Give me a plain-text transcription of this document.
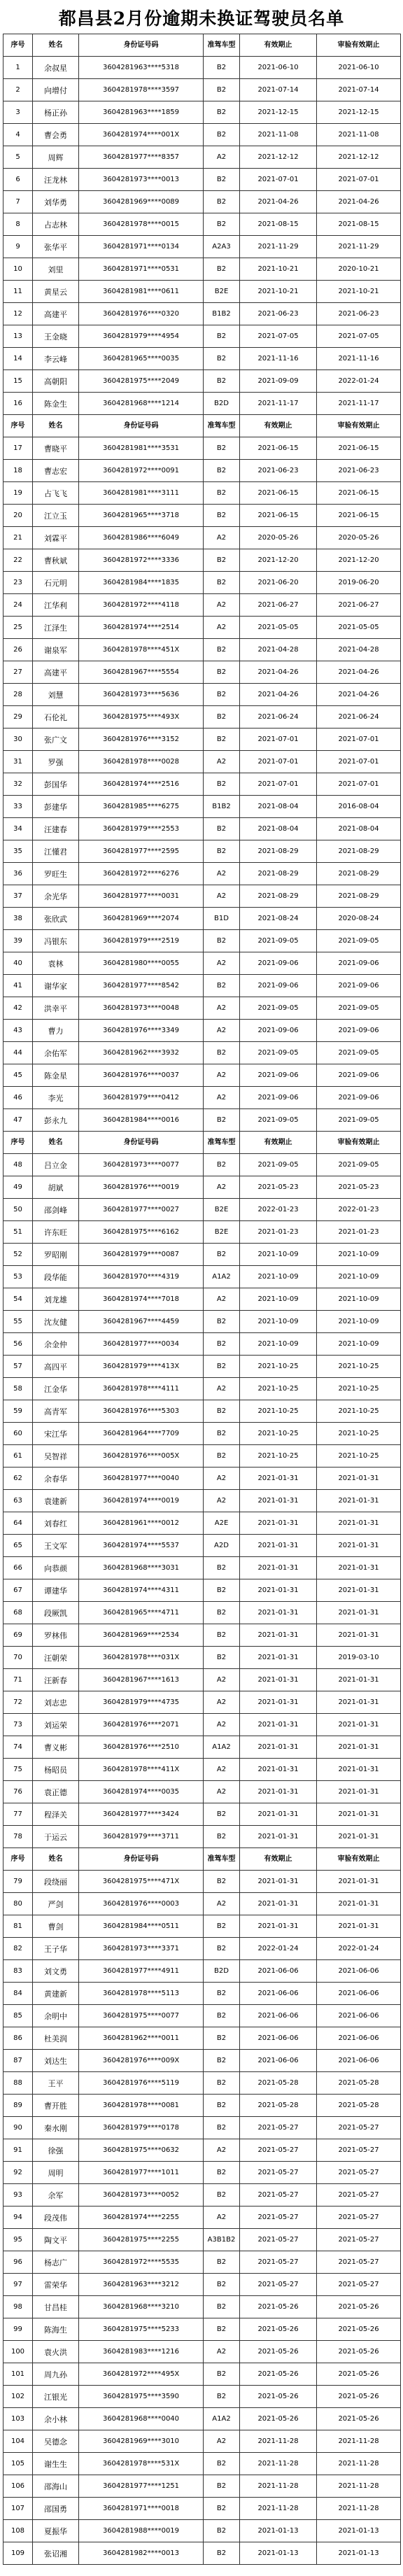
都昌县2月份逾期未换证驾驶员名单
序号	姓名	身份证号码	准驾车型	有效期止	审验有效期止
1	余叔星	3604281963****5318	B2	2021-06-10	2021-06-10
2	向增付	3604281978****3597	B2	2021-07-14	2021-07-14
3	杨正孙	3604281963****1859	B2	2021-12-15	2021-12-15
4	曹会勇	3604281974****001X	B2	2021-11-08	2021-11-08
5	周辉	3604281977****8357	A2	2021-12-12	2021-12-12
6	汪龙林	3604281973****0013	B2	2021-07-01	2021-07-01
7	刘华勇	3604281969****0089	B2	2021-04-26	2021-04-26
8	占志林	3604281978****0015	B2	2021-08-15	2021-08-15
9	张华平	3604281971****0134	A2A3	2021-11-29	2021-11-29
10	刘里	3604281971****0531	B2	2021-10-21	2020-10-21
11	黄星云	3604281981****0611	B2E	2021-10-21	2021-10-21
12	高建平	3604281976****0320	B1B2	2021-06-23	2021-06-23
13	王金晓	3604281979****4954	B2	2021-07-05	2021-07-05
14	李云峰	3604281965****0035	B2	2021-11-16	2021-11-16
15	高朝阳	3604281975****2049	B2	2021-09-09	2022-01-24
16	陈金生	3604281968****1214	B2D	2021-11-17	2021-11-17
序号	姓名	身份证号码	准驾车型	有效期止	审验有效期止
17	曹晓平	3604281981****3531	B2	2021-06-15	2021-06-15
18	曹志宏	3604281972****0091	B2	2021-06-23	2021-06-23
19	占飞飞	3604281981****3111	B2	2021-06-15	2021-06-15
20	江立玉	3604281965****3718	B2	2021-06-15	2021-06-15
21	刘霖平	3604281986****6049	A2	2020-05-26	2020-05-26
22	曹秋斌	3604281972****3336	B2	2021-12-20	2021-12-20
23	石元明	3604281984****1835	B2	2021-06-20	2019-06-20
24	江华利	3604281972****4118	A2	2021-06-27	2021-06-27
25	江泽生	3604281974****2514	A2	2021-05-05	2021-05-05
26	谢泉军	3604281978****451X	B2	2021-04-28	2021-04-28
27	高建平	3604281967****5554	B2	2021-04-26	2021-04-26
28	刘慧	3604281973****5636	B2	2021-04-26	2021-04-26
29	石伦礼	3604281975****493X	B2	2021-06-24	2021-06-24
30	张广文	3604281976****3152	B2	2021-07-01	2021-07-01
31	罗强	3604281978****0028	A2	2021-07-01	2021-07-01
32	彭国华	3604281974****2516	B2	2021-07-01	2021-07-01
33	彭建华	3604281985****6275	B1B2	2021-08-04	2016-08-04
34	汪建春	3604281979****2553	B2	2021-08-04	2021-08-04
35	江懂君	3604281977****2595	B2	2021-08-29	2021-08-29
36	罗旺生	3604281972****6276	A2	2021-08-29	2021-08-29
37	余光华	3604281977****0031	A2	2021-08-29	2021-08-29
38	张欣武	3604281969****2074	B1D	2021-08-24	2020-08-24
39	冯银东	3604281979****2519	B2	2021-09-05	2021-09-05
40	袁林	3604281980****0055	A2	2021-09-06	2021-09-06
41	谢华家	3604281977****8542	B2	2021-09-06	2021-09-06
42	洪幸平	3604281973****0048	A2	2021-09-05	2021-09-05
43	曹力	3604281976****3349	A2	2021-09-06	2021-09-06
44	余佑军	3604281962****3932	B2	2021-09-05	2021-09-05
45	陈金星	3604281976****0037	A2	2021-09-06	2021-09-06
46	李光	3604281979****0412	A2	2021-09-06	2021-09-06
47	彭永九	3604281984****0016	B2	2021-09-05	2021-09-05
序号	姓名	身份证号码	准驾车型	有效期止	审验有效期止
48	吕立金	3604281973****0077	B2	2021-09-05	2021-09-05
49	胡斌	3604281976****0019	A2	2021-05-23	2021-05-23
50	邵剑峰	3604281977****0027	B2E	2022-01-23	2022-01-23
51	许东旺	3604281975****6162	B2E	2021-01-23	2021-01-23
52	罗昭刚	3604281979****0087	B2	2021-10-09	2021-10-09
53	段华能	3604281970****4319	A1A2	2021-10-09	2021-10-09
54	刘龙雄	3604281974****7018	A2	2021-10-09	2021-10-09
55	沈友健	3604281967****4459	B2	2021-10-09	2021-10-09
56	余金仲	3604281977****0034	B2	2021-10-09	2021-10-09
57	高四平	3604281979****413X	B2	2021-10-25	2021-10-25
58	江金华	3604281978****4111	A2	2021-10-25	2021-10-25
59	高青军	3604281976****5303	B2	2021-10-25	2021-10-25
60	宋江华	3604281964****7709	B2	2021-10-25	2021-10-25
61	吴智祥	3604281976****005X	B2	2021-10-25	2021-10-25
62	余春华	3604281977****0040	A2	2021-01-31	2021-01-31
63	袁建新	3604281974****0019	A2	2021-01-31	2021-01-31
64	刘春红	3604281961****0012	A2E	2021-01-31	2021-01-31
65	王文军	3604281974****5537	A2D	2021-01-31	2021-01-31
66	向恭颜	3604281968****3031	B2	2021-01-31	2021-01-31
67	谭建华	3604281974****4311	B2	2021-01-31	2021-01-31
68	段厥凯	3604281965****4711	B2	2021-01-31	2021-01-31
69	罗林伟	3604281969****2534	B2	2021-01-31	2021-01-31
70	汪朝荣	3604281978****031X	B2	2021-01-31	2019-03-10
71	汪新春	3604281967****1613	A2	2021-01-31	2021-01-31
72	刘志忠	3604281979****4735	A2	2021-01-31	2021-01-31
73	刘运荣	3604281976****2071	A2	2021-01-31	2021-01-31
74	曹义彬	3604281976****2510	A1A2	2021-01-31	2021-01-31
75	杨昭员	3604281978****411X	A2	2021-01-31	2021-01-31
76	袁正德	3604281974****0035	A2	2021-01-31	2021-01-31
77	程泽关	3604281977****3424	B2	2021-01-31	2021-01-31
78	于运云	3604281979****3711	B2	2021-01-31	2021-01-31
序号	姓名	身份证号码	准驾车型	有效期止	审验有效期止
79	段绕丽	3604281975****471X	B2	2021-01-31	2021-01-31
80	严剑	3604281976****0003	A2	2021-01-31	2021-01-31
81	曹剑	3604281984****0511	B2	2021-01-31	2021-01-31
82	王子华	3604281973****3371	B2	2022-01-24	2022-01-24
83	刘文勇	3604281977****4911	B2D	2021-06-06	2021-06-06
84	黄建新	3604281978****5113	B2	2021-06-06	2021-06-06
85	余明中	3604281975****0077	B2	2021-06-06	2021-06-06
86	杜美润	3604281962****0011	B2	2021-06-06	2021-06-06
87	刘达生	3604281976****009X	B2	2021-06-06	2021-06-06
88	王平	3604281976****5119	B2	2021-05-28	2021-05-28
89	曹开胜	3604281978****0081	B2	2021-05-28	2021-05-28
90	秦水刚	3604281979****0178	B2	2021-05-27	2021-05-27
91	徐强	3604281975****0632	A2	2021-05-27	2021-05-27
92	周明	3604281977****1011	B2	2021-05-27	2021-05-27
93	余军	3604281973****0052	B2	2021-05-27	2021-05-27
94	段茂伟	3604281974****2255	A2	2021-05-27	2021-05-27
95	陶文平	3604281975****2255	A3B1B2	2021-05-27	2021-05-27
96	杨志广	3604281972****5535	B2	2021-05-27	2021-05-27
97	雷荣华	3604281963****3212	B2	2021-05-27	2021-05-27
98	甘昌桂	3604281968****3210	B2	2021-05-26	2021-05-26
99	陈海生	3604281975****5233	B2	2021-05-26	2021-05-26
100	袁火洪	3604281983****1216	A2	2021-05-26	2021-05-26
101	周九孙	3604281972****495X	B2	2021-05-26	2021-05-26
102	江银光	3604281975****3590	B2	2021-05-26	2021-05-26
103	余小林	3604281968****0040	A1A2	2021-05-26	2021-05-26
104	吴德念	3604281969****3010	A2	2021-11-28	2021-11-28
105	谢生生	3604281978****531X	B2	2021-11-28	2021-11-28
106	邵海山	3604281977****1251	B2	2021-11-28	2021-11-28
107	邵国勇	3604281971****0018	B2	2021-11-28	2021-11-28
108	夏振华	3604281988****0019	B2	2021-01-13	2021-01-13
109	张诏湘	3604281982****0013	B2	2021-01-13	2021-01-13
